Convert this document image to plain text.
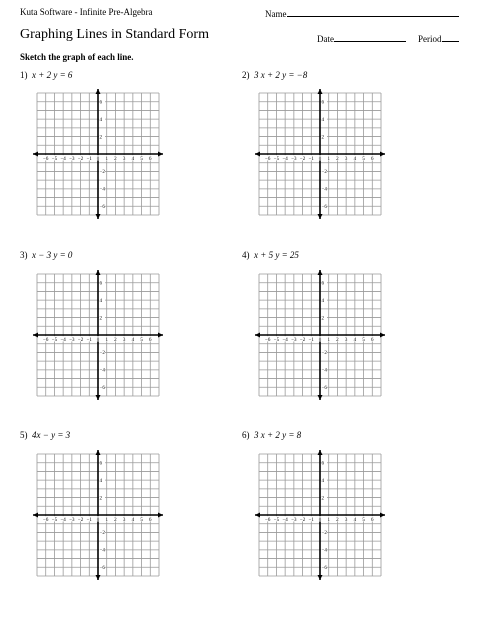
Kuta Software - Infinite Pre-Algebra	Name
Graphing Lines in Standard Form	Date	Period
Sketch the graph of each line.
1) x + 2 y = 6	2) 3 x + 2 y = −8
3) x − 3 y = 0	4) x + 5 y = 25
5) 4x − y = 3	6) 3 x + 2 y = 8
−6 −5 −4 −3 −2 −1 0 1 2 3 4 5 6
6
4
2
−2
−4
−6
−6 −5 −4 −3 −2 −1 0 1 2 3 4 5 6
6
4
2
−2
−4
−6
−6 −5 −4 −3 −2 −1 0 1 2 3 4 5 6
6
4
2
−2
−4
−6
−6 −5 −4 −3 −2 −1 0 1 2 3 4 5 6
6
4
2
−2
−4
−6
−6 −5 −4 −3 −2 −1 0 1 2 3 4 5 6
6
4
2
−2
−4
−6
−6 −5 −4 −3 −2 −1 0 1 2 3 4 5 6
6
4
2
−2
−4
−6
